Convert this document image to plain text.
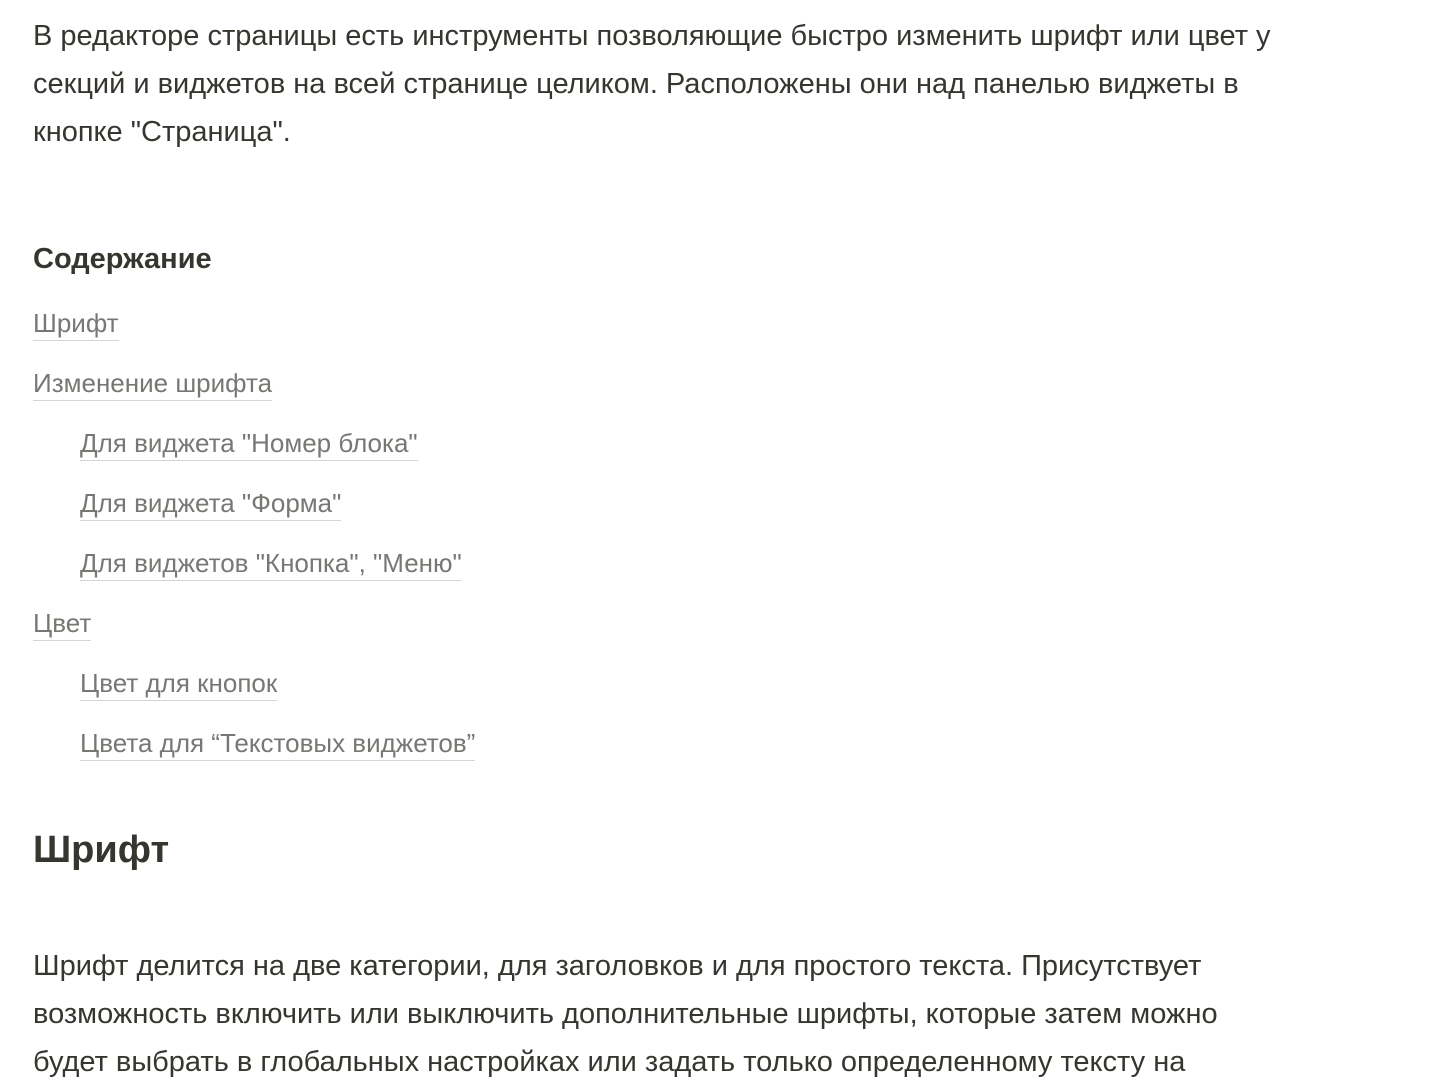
В редакторе страницы есть инструменты позволяющие быстро изменить шрифт или цвет у
секций и виджетов на всей странице целиком. Расположены они над панелью виджеты в
кнопке "Страница".

Содержание
Шрифт
Изменение шрифта
Для виджета "Номер блока"
Для виджета "Форма"
Для виджетов "Кнопка", "Меню"
Цвет
Цвет для кнопок
Цвета для “Текстовых виджетов”
Шрифт

Шрифт делится на две категории, для заголовков и для простого текста. Присутствует
возможность включить или выключить дополнительные шрифты, которые затем можно
будет выбрать в глобальных настройках или задать только определенному тексту на
